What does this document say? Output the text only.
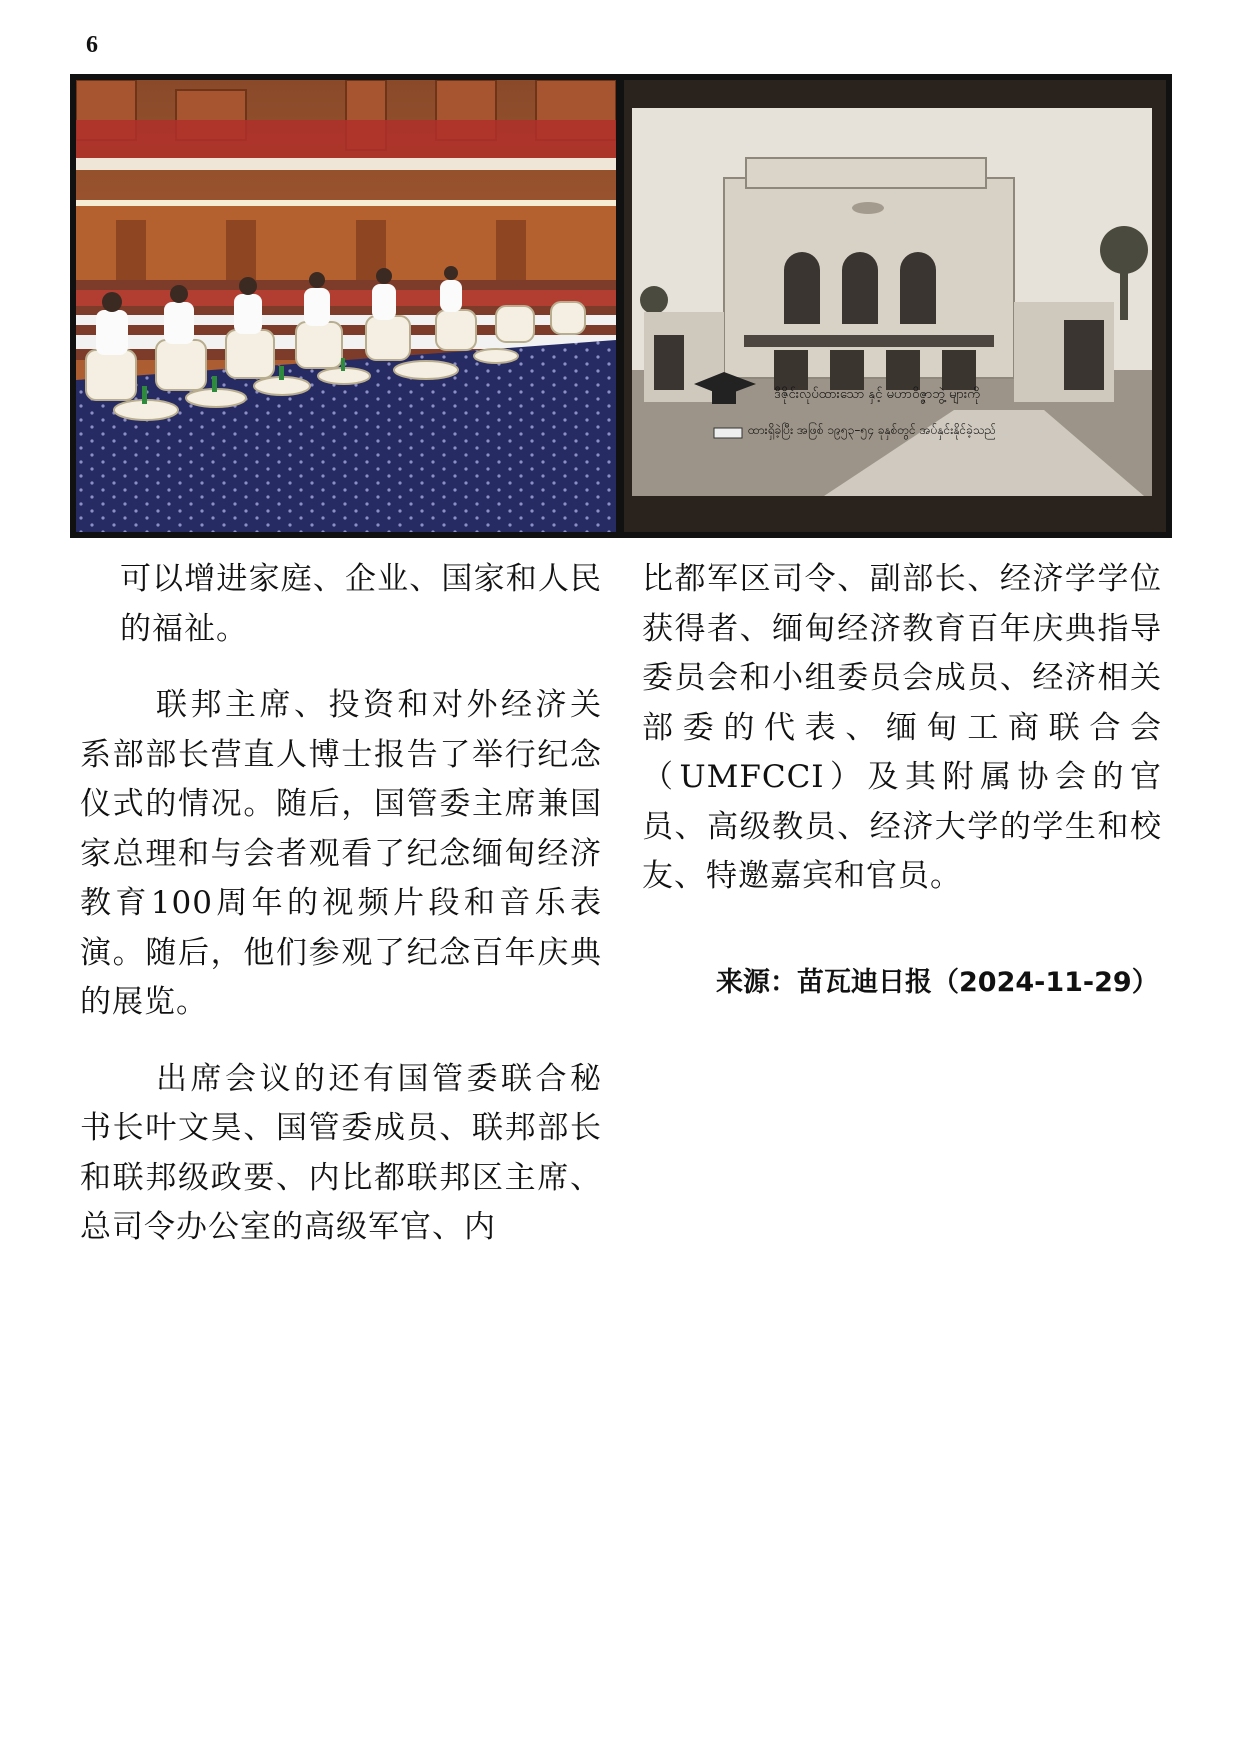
6
ဒီဇိုင်းလုပ်ထားသော နှင့် မဟာဝိဇ္ဇာဘွဲ့ များကို
ထားရှိခဲ့ပြီး အဖြစ် ၁၉၅၃–၅၄ ခုနှစ်တွင် အပ်နှင်းနိုင်ခဲ့သည်

可以增进家庭、企业、国家和人民的福祉。

联邦主席、投资和对外经济关系部部长营直人博士报告了举行纪念仪式的情况。随后，国管委主席兼国家总理和与会者观看了纪念缅甸经济教育100周年的视频片段和音乐表演。随后，他们参观了纪念百年庆典的展览。

出席会议的还有国管委联合秘书长叶文昊、国管委成员、联邦部长和联邦级政要、内比都联邦区主席、总司令办公室的高级军官、内

比都军区司令、副部长、经济学学位获得者、缅甸经济教育百年庆典指导委员会和小组委员会成员、经济相关部委的代表、缅甸工商联合会（UMFCCI）及其附属协会的官员、高级教员、经济大学的学生和校友、特邀嘉宾和官员。

来源：苗瓦迪日报（2024-11-29）
